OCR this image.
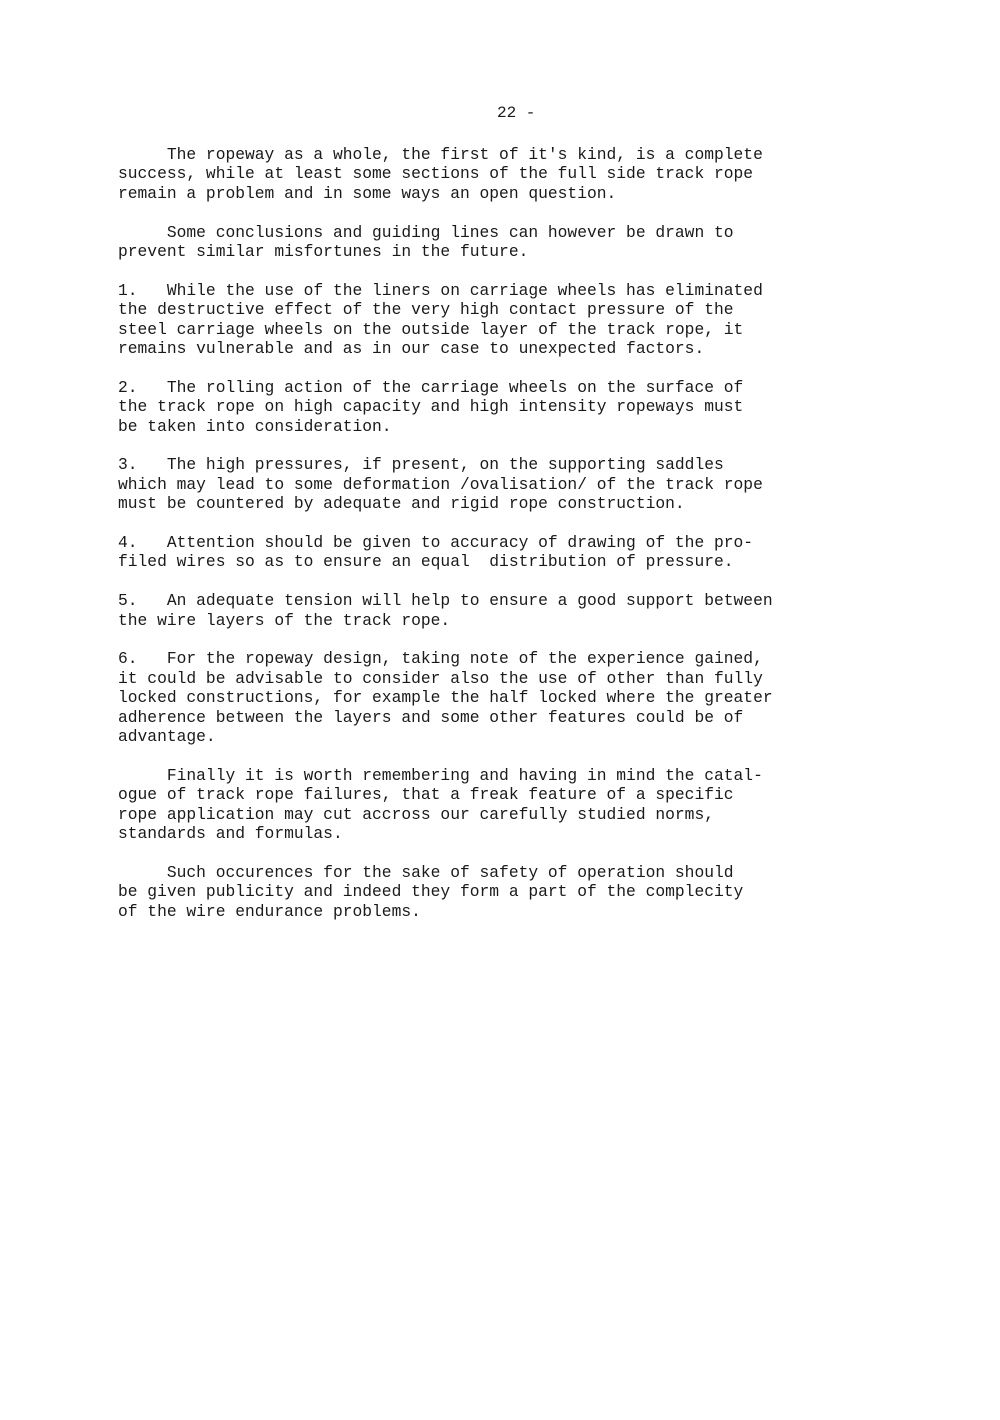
22 -

The ropeway as a whole, the first of it's kind, is a complete
success, while at least some sections of the full side track rope
remain a problem and in some ways an open question.

Some conclusions and guiding lines can however be drawn to
prevent similar misfortunes in the future.

1.   While the use of the liners on carriage wheels has eliminated
the destructive effect of the very high contact pressure of the
steel carriage wheels on the outside layer of the track rope, it
remains vulnerable and as in our case to unexpected factors.

2.   The rolling action of the carriage wheels on the surface of
the track rope on high capacity and high intensity ropeways must
be taken into consideration.

3.   The high pressures, if present, on the supporting saddles
which may lead to some deformation /ovalisation/ of the track rope
must be countered by adequate and rigid rope construction.

4.   Attention should be given to accuracy of drawing of the pro-
filed wires so as to ensure an equal  distribution of pressure.

5.   An adequate tension will help to ensure a good support between
the wire layers of the track rope.

6.   For the ropeway design, taking note of the experience gained,
it could be advisable to consider also the use of other than fully
locked constructions, for example the half locked where the greater
adherence between the layers and some other features could be of
advantage.

Finally it is worth remembering and having in mind the catal-
ogue of track rope failures, that a freak feature of a specific
rope application may cut accross our carefully studied norms,
standards and formulas.

Such occurences for the sake of safety of operation should
be given publicity and indeed they form a part of the complecity
of the wire endurance problems.
